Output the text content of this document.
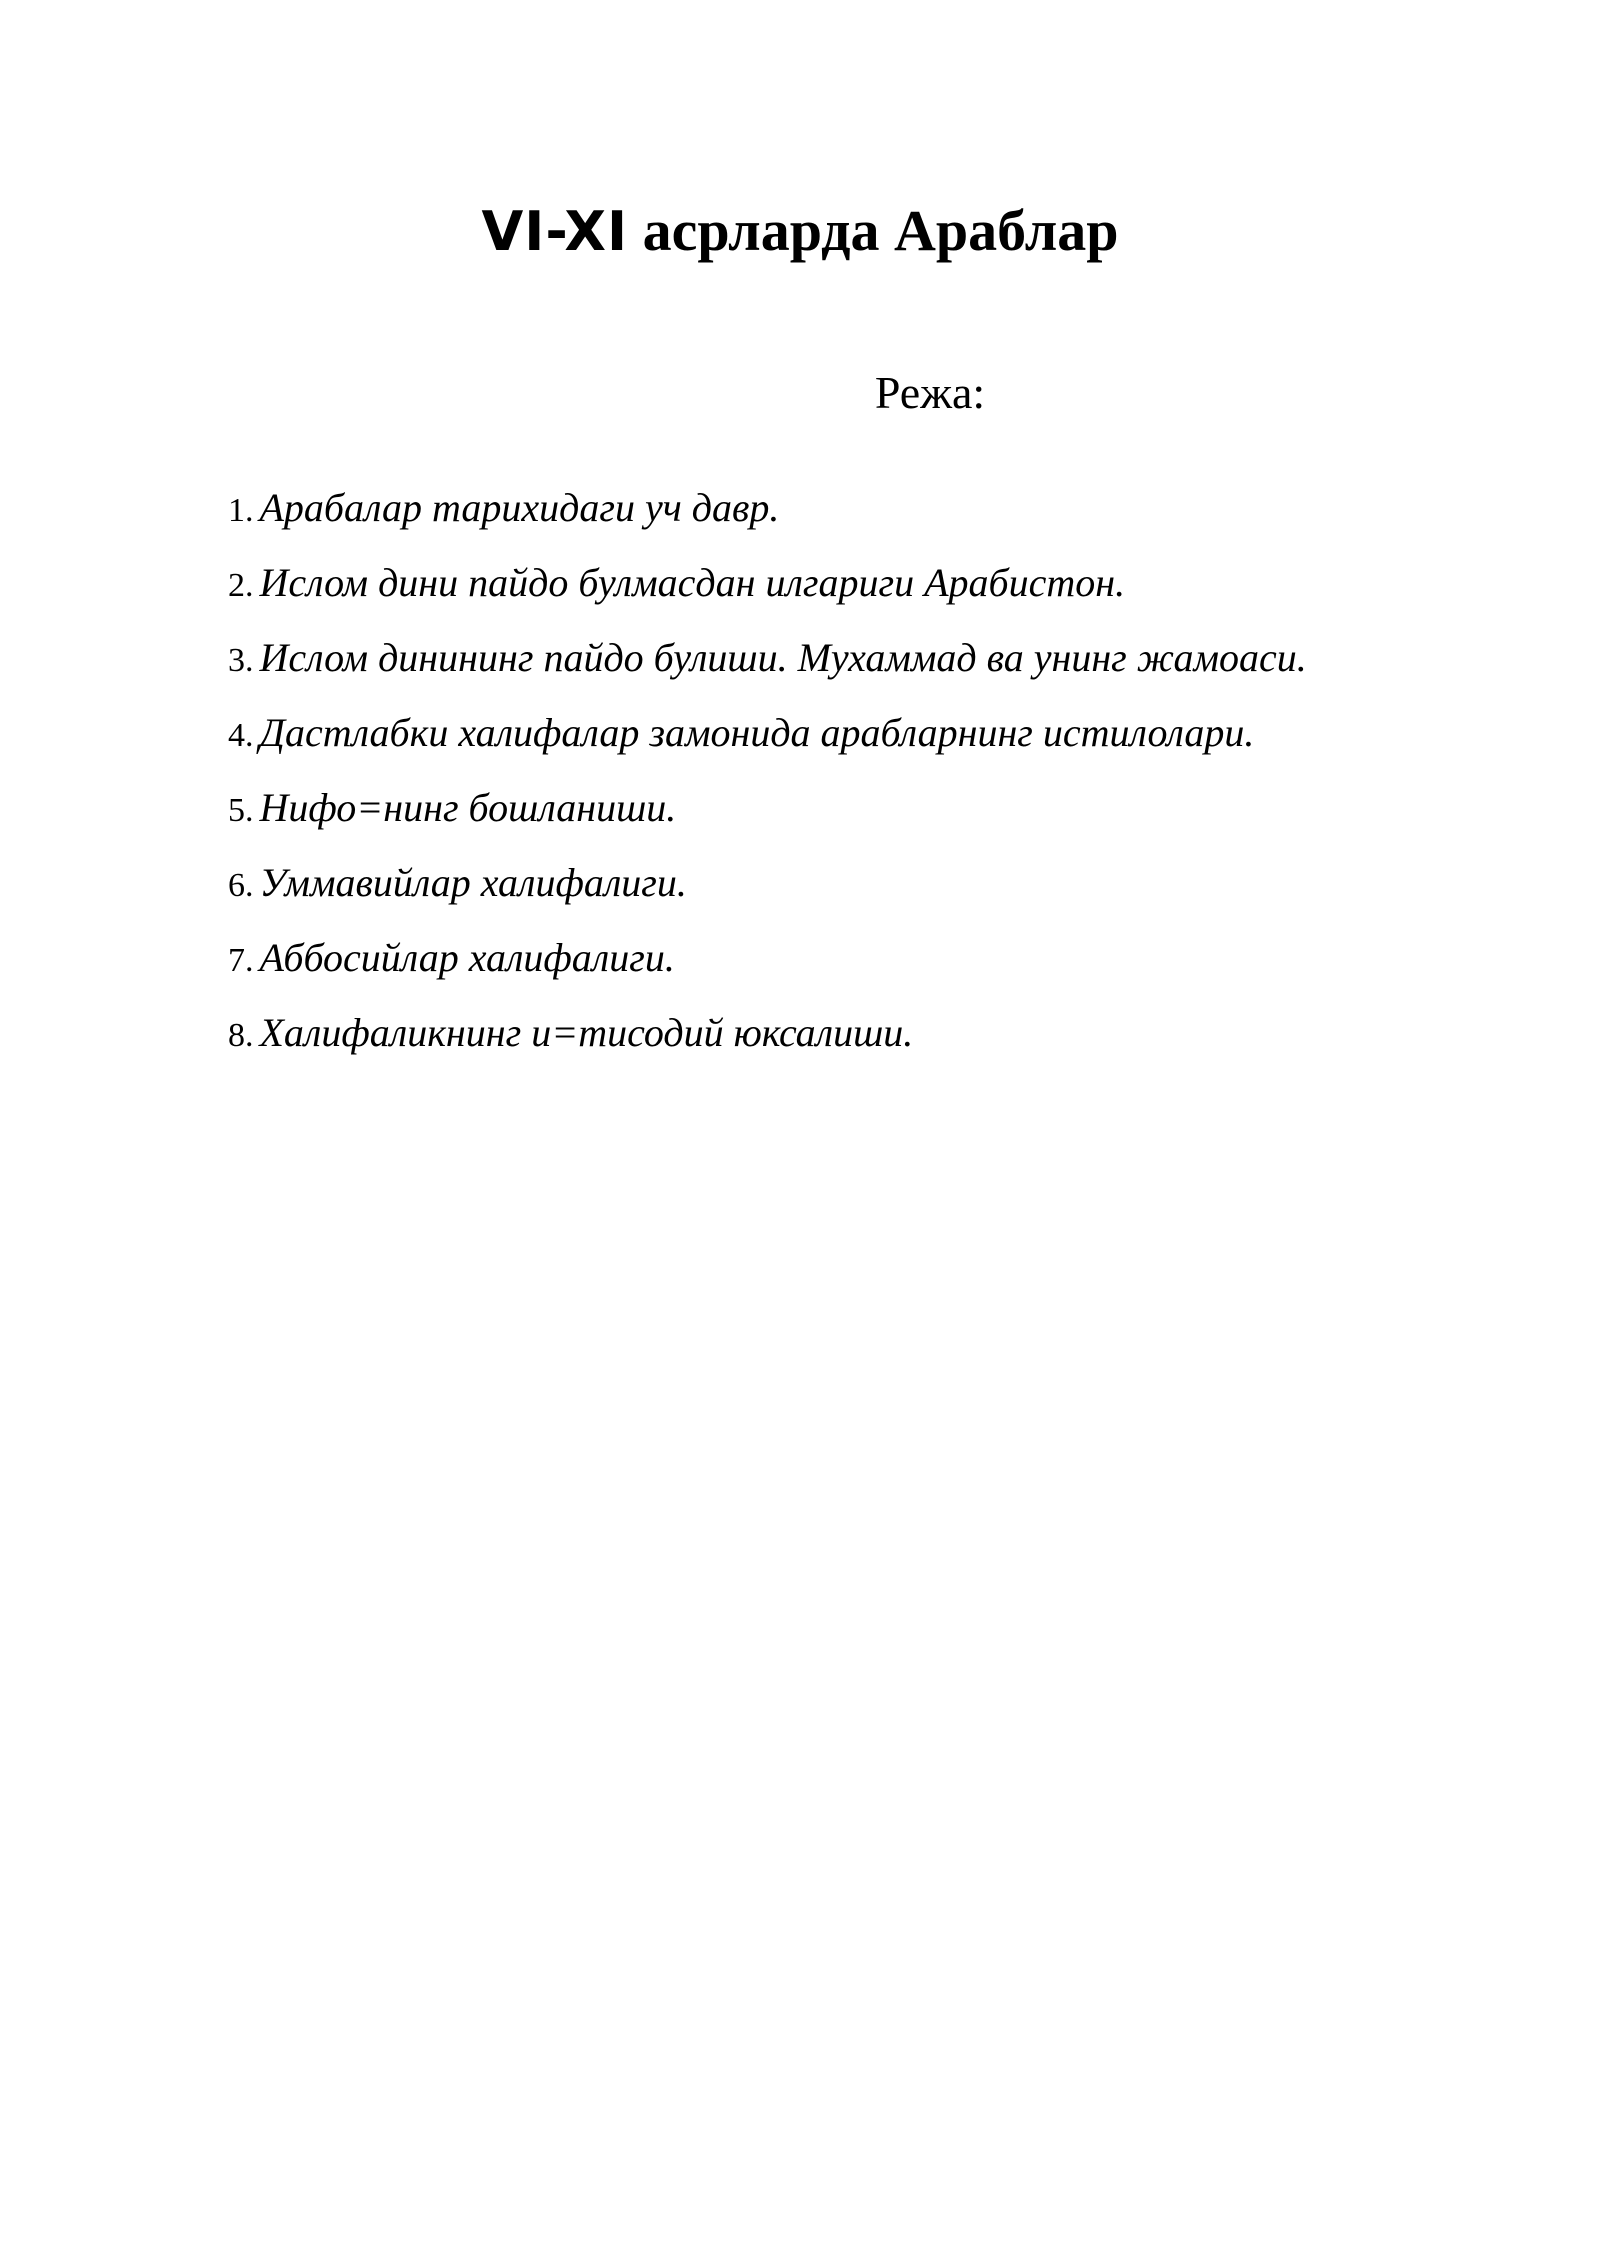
VI-XI асрларда Араблар
Режа:
1. Арабалар тарихидаги уч давр.
2. Ислом дини пайдо булмасдан илгариги Арабистон.
3. Ислом динининг пайдо булиши. Мухаммад ва унинг жамоаси.
4. Дастлабки халифалар замонида арабларнинг истилолари.
5. Нифо=нинг бошланиши.
6. Уммавийлар халифалиги.
7. Аббосийлар халифалиги.
8. Халифаликнинг и=тисодий юксалиши.
